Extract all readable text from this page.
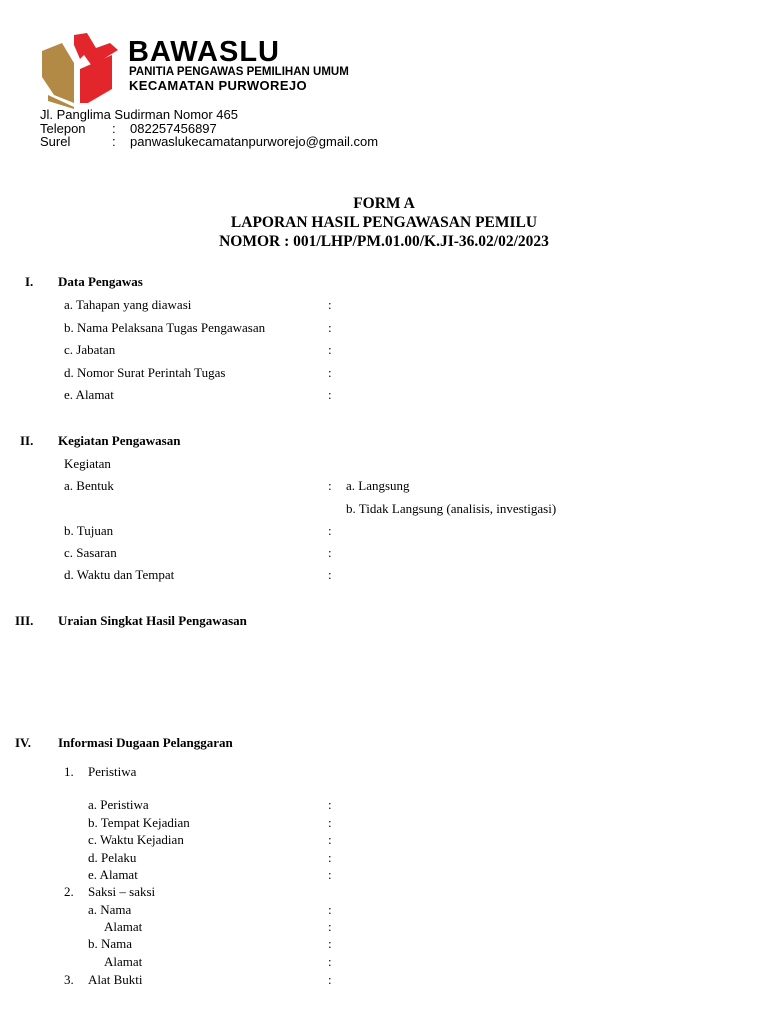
BAWASLU
PANITIA PENGAWAS PEMILIHAN UMUM
KECAMATAN PURWOREJO
Jl. Panglima Sudirman Nomor 465
Telepon : 082257456897
Surel	: panwaslukecamatanpurworejo@gmail.com
FORM A
LAPORAN HASIL PENGAWASAN PEMILU
NOMOR : 001/LHP/PM.01.00/K.JI-36.02/02/2023
I. Data Pengawas
a. Tahapan yang diawasi	:
b. Nama Pelaksana Tugas Pengawasan	:
c. Jabatan	:
d. Nomor Surat Perintah Tugas	:
e. Alamat	:
II. Kegiatan Pengawasan
Kegiatan
a. Bentuk	: a. Langsung
b. Tidak Langsung (analisis, investigasi)
b. Tujuan	:
c. Sasaran	:
d. Waktu dan Tempat	:
III. Uraian Singkat Hasil Pengawasan
IV. Informasi Dugaan Pelanggaran
1. Peristiwa
a. Peristiwa	:
b. Tempat Kejadian	:
c. Waktu Kejadian	:
d. Pelaku	:
e. Alamat	:
2. Saksi – saksi
a. Nama	:
Alamat	:
b. Nama	:
Alamat	:
3. Alat Bukti	:
